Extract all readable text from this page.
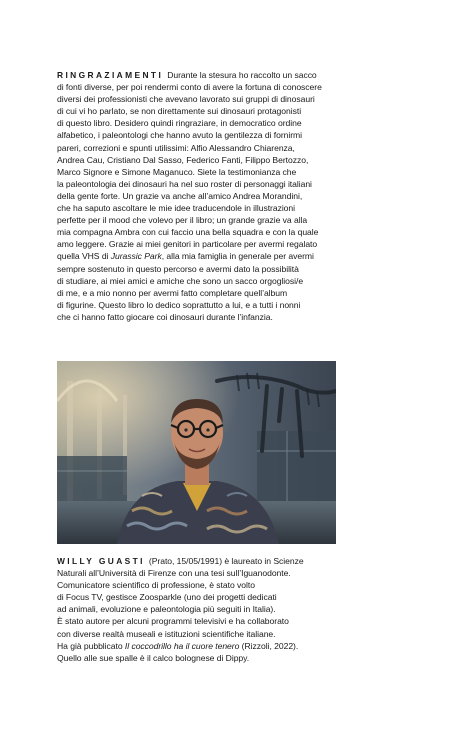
RINGRAZIAMENTI Durante la stesura ho raccolto un sacco
di fonti diverse, per poi rendermi conto di avere la fortuna di conoscere
diversi dei professionisti che avevano lavorato sui gruppi di dinosauri
di cui vi ho parlato, se non direttamente sui dinosauri protagonisti
di questo libro. Desidero quindi ringraziare, in democratico ordine
alfabetico, i paleontologi che hanno avuto la gentilezza di fornirmi
pareri, correzioni e spunti utilissimi: Alfio Alessandro Chiarenza,
Andrea Cau, Cristiano Dal Sasso, Federico Fanti, Filippo Bertozzo,
Marco Signore e Simone Maganuco. Siete la testimonianza che
la paleontologia dei dinosauri ha nel suo roster di personaggi italiani
della gente forte. Un grazie va anche all’amico Andrea Morandini,
che ha saputo ascoltare le mie idee traducendole in illustrazioni
perfette per il mood che volevo per il libro; un grande grazie va alla
mia compagna Ambra con cui faccio una bella squadra e con la quale
amo leggere. Grazie ai miei genitori in particolare per avermi regalato
quella VHS di Jurassic Park, alla mia famiglia in generale per avermi
sempre sostenuto in questo percorso e avermi dato la possibilità
di studiare, ai miei amici e amiche che sono un sacco orgogliosi/e
di me, e a mio nonno per avermi fatto completare quell’album
di figurine. Questo libro lo dedico soprattutto a lui, e a tutti i nonni
che ci hanno fatto giocare coi dinosauri durante l’infanzia.
WILLY GUASTI (Prato, 15/05/1991) è laureato in Scienze
Naturali all’Università di Firenze con una tesi sull’Iguanodonte.
Comunicatore scientifico di professione, è stato volto
di Focus TV, gestisce Zoosparkle (uno dei progetti dedicati
ad animali, evoluzione e paleontologia più seguiti in Italia).
È stato autore per alcuni programmi televisivi e ha collaborato
con diverse realtà museali e istituzioni scientifiche italiane.
Ha già pubblicato Il coccodrillo ha il cuore tenero (Rizzoli, 2022).
Quello alle sue spalle è il calco bolognese di Dippy.
